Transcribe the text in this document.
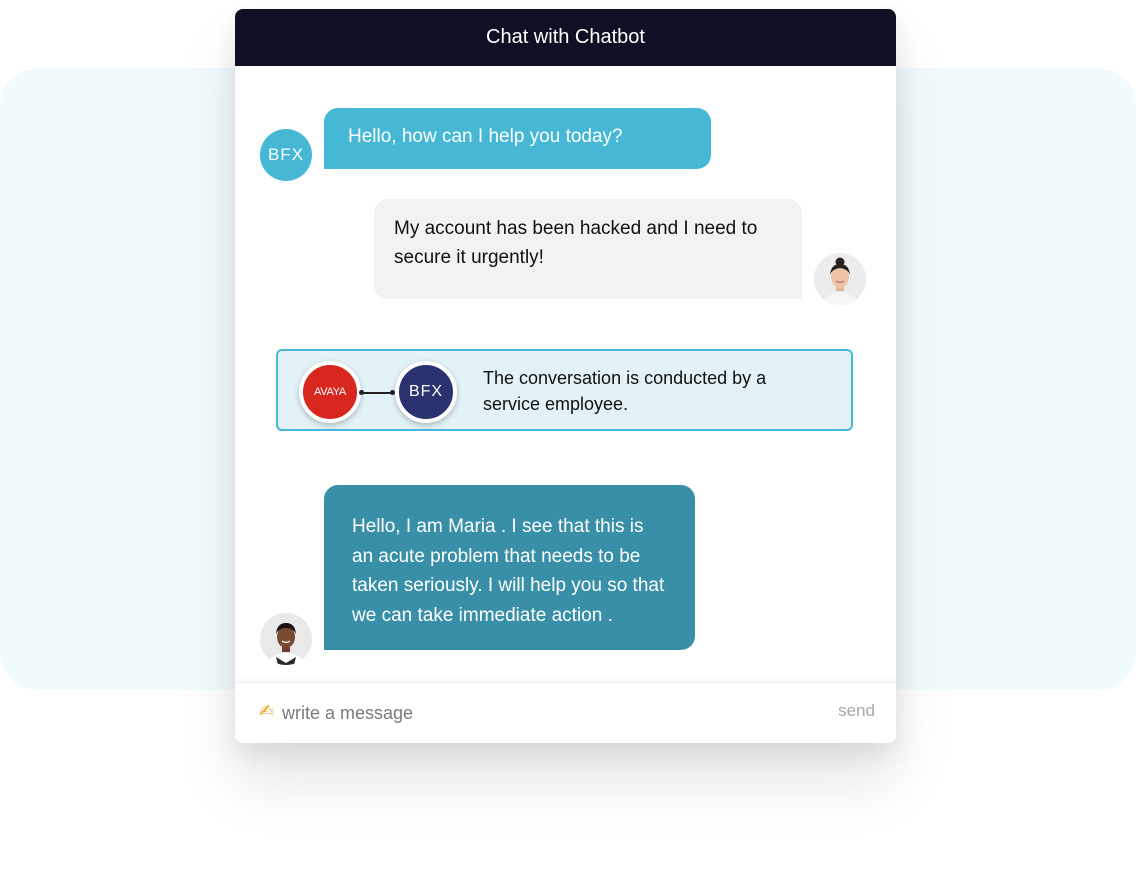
Chat with Chatbot
BFX
Hello, how can I help you today?
My account has been hacked and I need to secure it urgently!
AVAYA	BFX
The conversation is conducted by a service employee.
Hello, I am Maria . I see that this is an acute problem that needs to be taken seriously. I will help you so that we can take immediate action .
✍
write a message	send
